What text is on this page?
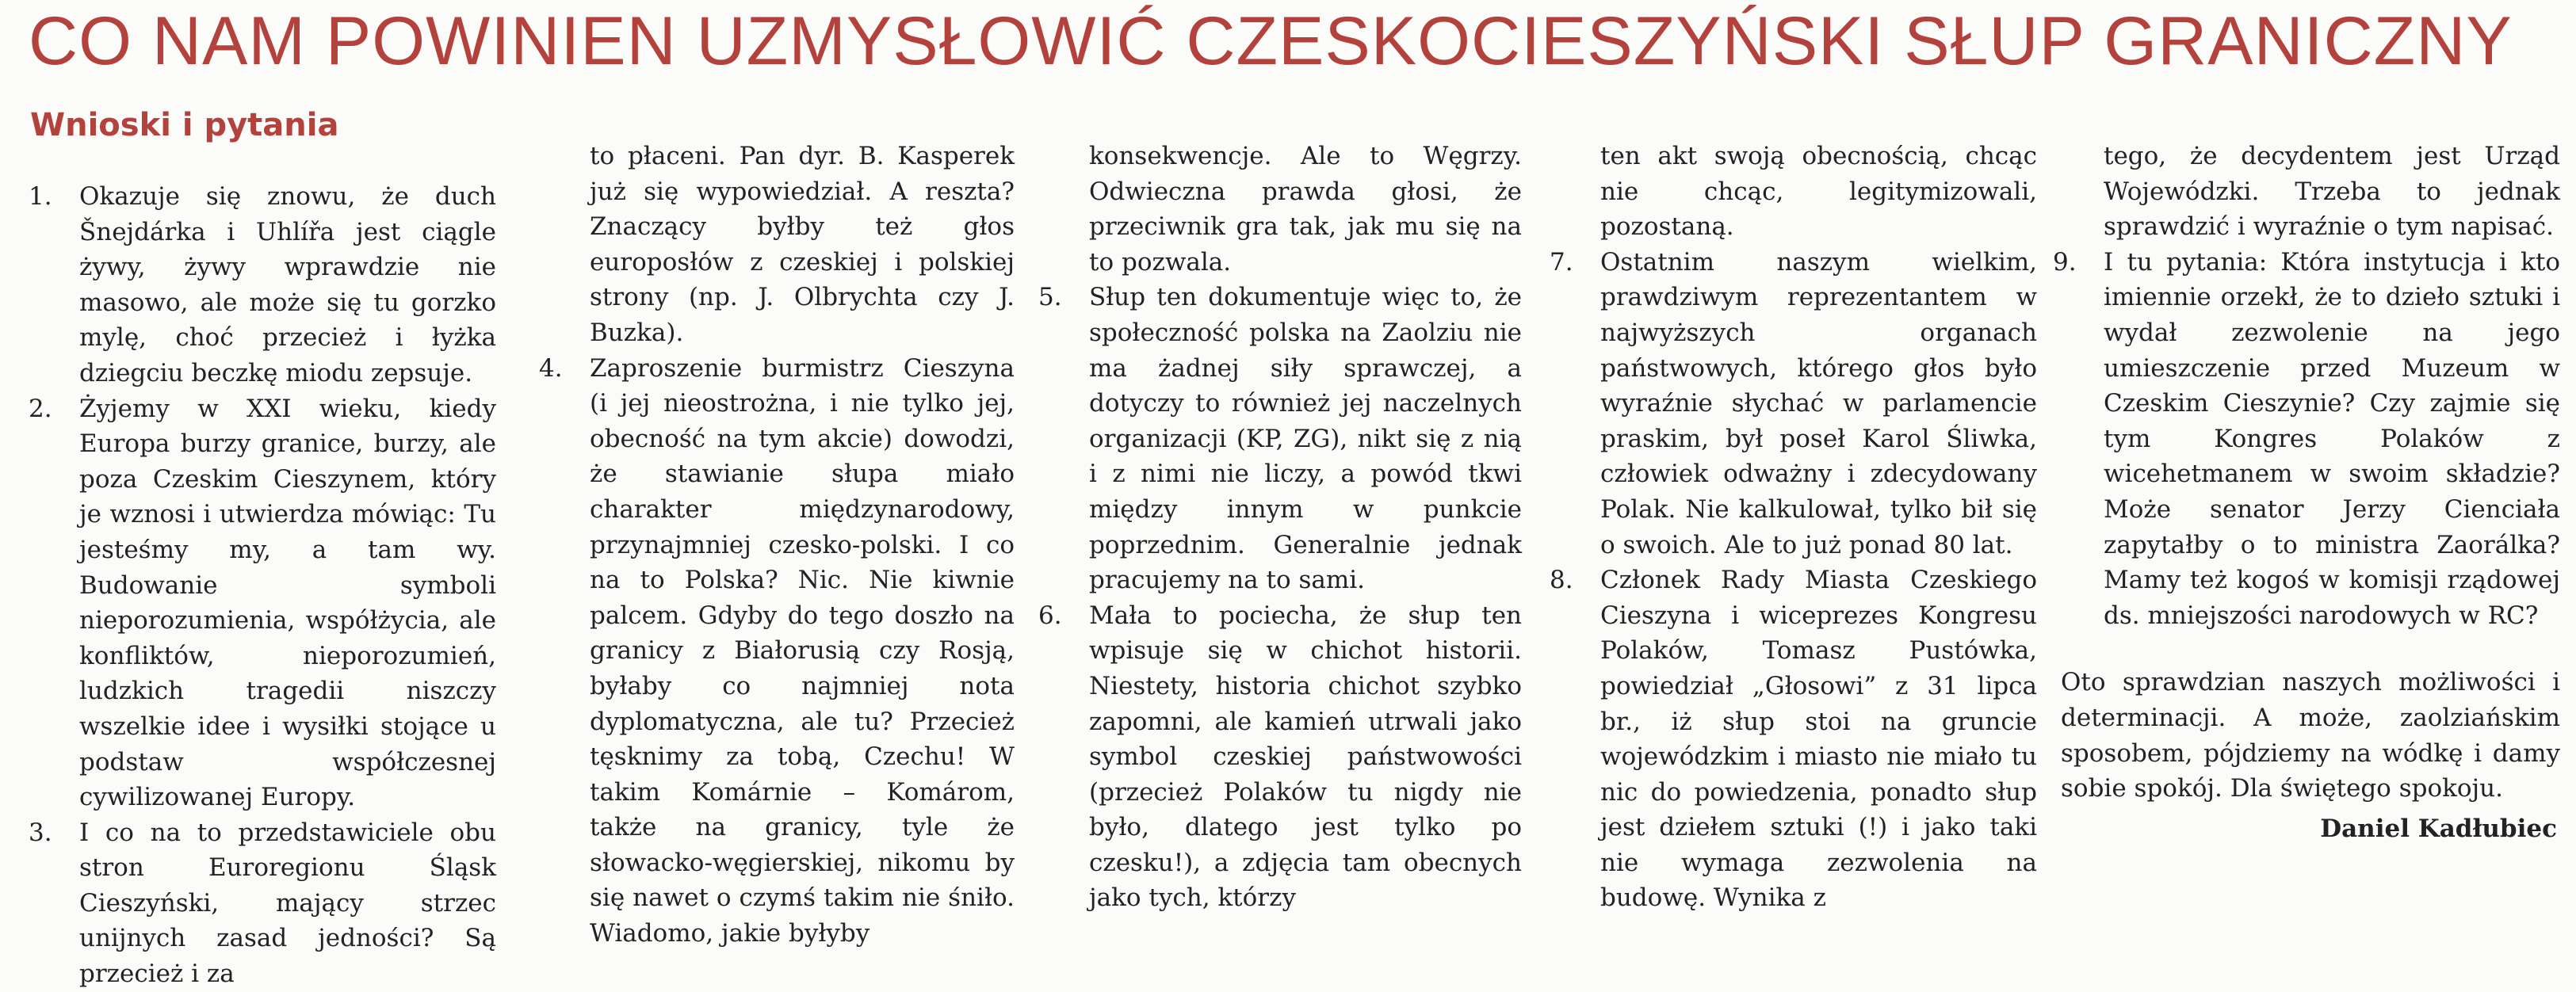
CO NAM POWINIEN UZMYSŁOWIĆ CZESKOCIESZYŃSKI SŁUP GRANICZNY
Wnioski i pytania
1. Okazuje się znowu, że duch Šnejdárka i Uhlířa jest ciągle żywy, żywy wprawdzie nie masowo, ale może się tu gorzko mylę, choć przecież i łyżka dziegciu beczkę miodu zepsuje.

2. Żyjemy w XXI wieku, kiedy Europa burzy granice, burzy, ale poza Czeskim Cieszynem, który je wznosi i utwierdza mówiąc: Tu jesteśmy my, a tam wy. Budowanie symboli nieporozumienia, współżycia, ale konfliktów, nieporozumień, ludzkich tragedii niszczy wszelkie idee i wysiłki stojące u podstaw współczesnej cywilizowanej Europy.

3. I co na to przedstawiciele obu stron Euroregionu Śląsk Cieszyński, mający strzec unijnych zasad jedności? Są przecież i za

to płaceni. Pan dyr. B. Kasperek już się wypowiedział. A reszta? Znaczący byłby też głos europosłów z czeskiej i polskiej strony (np. J. Olbrychta czy J. Buzka).

4. Zaproszenie burmistrz Cieszyna (i jej nieostrożna, i nie tylko jej, obecność na tym akcie) dowodzi, że stawianie słupa miało charakter międzynarodowy, przynajmniej czesko-polski. I co na to Polska? Nic. Nie kiwnie palcem. Gdyby do tego doszło na granicy z Białorusią czy Rosją, byłaby co najmniej nota dyplomatyczna, ale tu? Przecież tęsknimy za tobą, Czechu! W takim Komárnie – Komárom, także na granicy, tyle że słowacko-węgierskiej, nikomu by się nawet o czymś takim nie śniło. Wiadomo, jakie byłyby

konsekwencje. Ale to Węgrzy. Odwieczna prawda głosi, że przeciwnik gra tak, jak mu się na to pozwala.

5. Słup ten dokumentuje więc to, że społeczność polska na Zaolziu nie ma żadnej siły sprawczej, a dotyczy to również jej naczelnych organizacji (KP, ZG), nikt się z nią i z nimi nie liczy, a powód tkwi między innym w punkcie poprzednim. Generalnie jednak pracujemy na to sami.

6. Mała to pociecha, że słup ten wpisuje się w chichot historii. Niestety, historia chichot szybko zapomni, ale kamień utrwali jako symbol czeskiej państwowości (przecież Polaków tu nigdy nie było, dlatego jest tylko po czesku!), a zdjęcia tam obecnych jako tych, którzy

ten akt swoją obecnością, chcąc nie chcąc, legitymizowali, pozostaną.

7. Ostatnim naszym wielkim, prawdziwym reprezentantem w najwyższych organach państwowych, którego głos było wyraźnie słychać w parlamencie praskim, był poseł Karol Śliwka, człowiek odważny i zdecydowany Polak. Nie kalkulował, tylko bił się o swoich. Ale to już ponad 80 lat.

8. Członek Rady Miasta Czeskiego Cieszyna i wiceprezes Kongresu Polaków, Tomasz Pustówka, powiedział „Głosowi” z 31 lipca br., iż słup stoi na gruncie wojewódzkim i miasto nie miało tu nic do powiedzenia, ponadto słup jest dziełem sztuki (!) i jako taki nie wymaga zezwolenia na budowę. Wynika z

tego, że decydentem jest Urząd Wojewódzki. Trzeba to jednak sprawdzić i wyraźnie o tym napisać.

9. I tu pytania: Która instytucja i kto imiennie orzekł, że to dzieło sztuki i wydał zezwolenie na jego umieszczenie przed Muzeum w Czeskim Cieszynie? Czy zajmie się tym Kongres Polaków z wicehetmanem w swoim składzie? Może senator Jerzy Cienciała zapytałby o to ministra Zaorálka? Mamy też kogoś w komisji rządowej ds. mniejszości narodowych w RC?

Oto sprawdzian naszych możliwości i determinacji. A może, zaolziańskim sposobem, pójdziemy na wódkę i damy sobie spokój. Dla świętego spokoju.

Daniel Kadłubiec
